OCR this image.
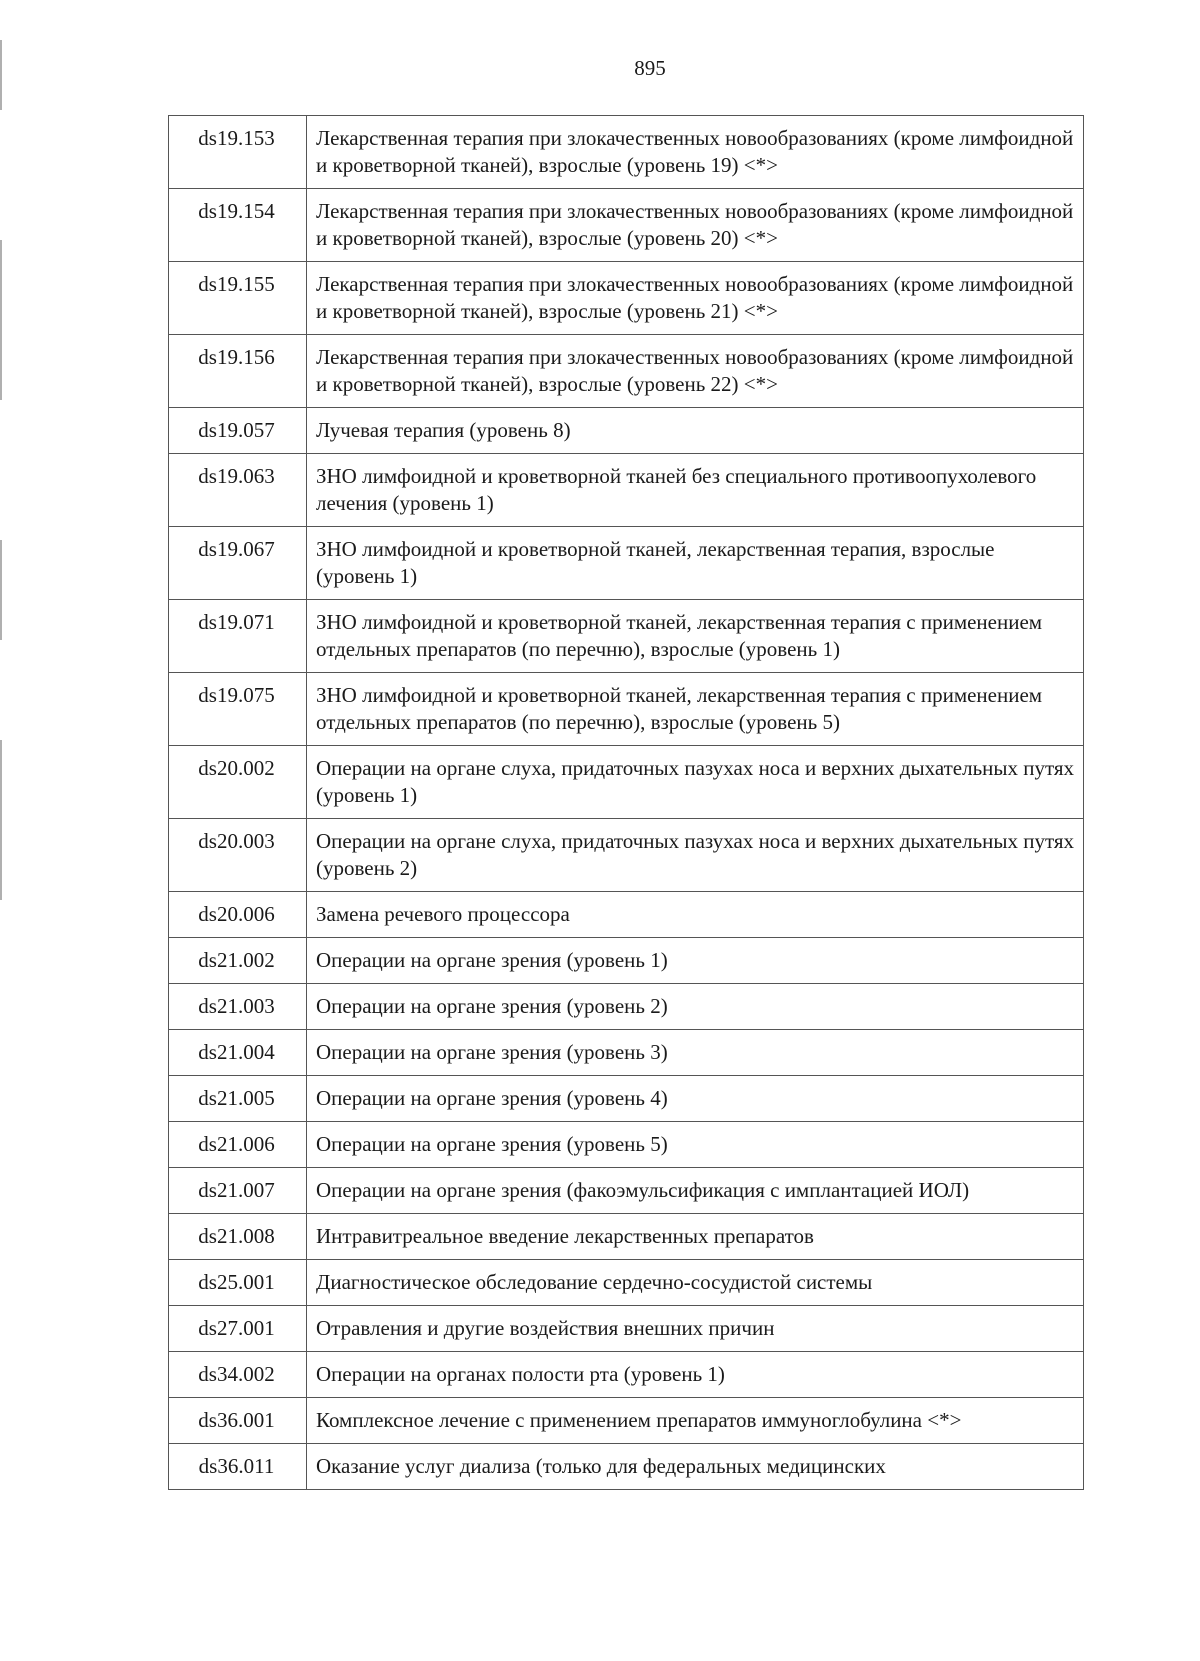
895
ds19.153	Лекарственная терапия при злокачественных новообразованиях (кроме лимфоидной и кроветворной тканей), взрослые (уровень 19) <*>
ds19.154	Лекарственная терапия при злокачественных новообразованиях (кроме лимфоидной и кроветворной тканей), взрослые (уровень 20) <*>
ds19.155	Лекарственная терапия при злокачественных новообразованиях (кроме лимфоидной и кроветворной тканей), взрослые (уровень 21) <*>
ds19.156	Лекарственная терапия при злокачественных новообразованиях (кроме лимфоидной и кроветворной тканей), взрослые (уровень 22) <*>
ds19.057	Лучевая терапия (уровень 8)
ds19.063	ЗНО лимфоидной и кроветворной тканей без специального противоопухолевого лечения (уровень 1)
ds19.067	ЗНО лимфоидной и кроветворной тканей, лекарственная терапия, взрослые (уровень 1)
ds19.071	ЗНО лимфоидной и кроветворной тканей, лекарственная терапия с применением отдельных препаратов (по перечню), взрослые (уровень 1)
ds19.075	ЗНО лимфоидной и кроветворной тканей, лекарственная терапия с применением отдельных препаратов (по перечню), взрослые (уровень 5)
ds20.002	Операции на органе слуха, придаточных пазухах носа и верхних дыхательных путях (уровень 1)
ds20.003	Операции на органе слуха, придаточных пазухах носа и верхних дыхательных путях (уровень 2)
ds20.006	Замена речевого процессора
ds21.002	Операции на органе зрения (уровень 1)
ds21.003	Операции на органе зрения (уровень 2)
ds21.004	Операции на органе зрения (уровень 3)
ds21.005	Операции на органе зрения (уровень 4)
ds21.006	Операции на органе зрения (уровень 5)
ds21.007	Операции на органе зрения (факоэмульсификация с имплантацией ИОЛ)
ds21.008	Интравитреальное введение лекарственных препаратов
ds25.001	Диагностическое обследование сердечно-сосудистой системы
ds27.001	Отравления и другие воздействия внешних причин
ds34.002	Операции на органах полости рта (уровень 1)
ds36.001	Комплексное лечение с применением препаратов иммуноглобулина <*>
ds36.011	Оказание услуг диализа (только для федеральных медицинских
